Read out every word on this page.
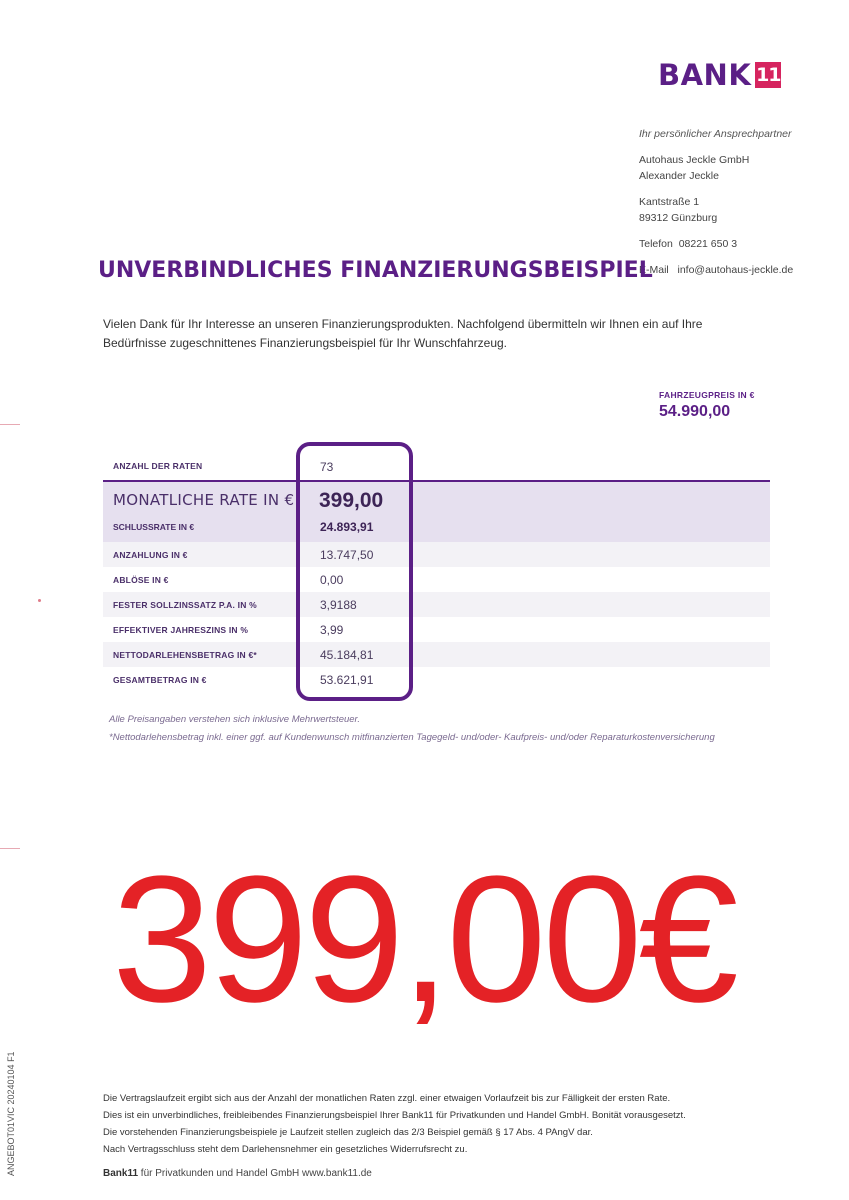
BANK 11
Ihr persönlicher Ansprechpartner
Autohaus Jeckle GmbH
Alexander Jeckle
Kantstraße 1
89312 Günzburg
Telefon  08221 650 3
E-Mail   info@autohaus-jeckle.de
UNVERBINDLICHES FINANZIERUNGSBEISPIEL
Vielen Dank für Ihr Interesse an unseren Finanzierungsprodukten. Nachfolgend übermitteln wir Ihnen ein auf Ihre Bedürfnisse zugeschnittenes Finanzierungsbeispiel für Ihr Wunschfahrzeug.
FAHRZEUGPREIS IN €
54.990,00
ANZAHL DER RATEN	73
MONATLICHE RATE IN € 399,00
SCHLUSSRATE IN €	24.893,91
ANZAHLUNG IN €	13.747,50
ABLÖSE IN €	0,00
FESTER SOLLZINSSATZ P.A. IN %	3,9188
EFFEKTIVER JAHRESZINS IN %	3,99
NETTODARLEHENSBETRAG IN €*	45.184,81
GESAMTBETRAG IN €	53.621,91
Alle Preisangaben verstehen sich inklusive Mehrwertsteuer.
*Nettodarlehensbetrag inkl. einer ggf. auf Kundenwunsch mitfinanzierten Tagegeld- und/oder- Kaufpreis- und/oder Reparaturkostenversicherung
399,00€
Die Vertragslaufzeit ergibt sich aus der Anzahl der monatlichen Raten zzgl. einer etwaigen Vorlaufzeit bis zur Fälligkeit der ersten Rate.
Dies ist ein unverbindliches, freibleibendes Finanzierungsbeispiel Ihrer Bank11 für Privatkunden und Handel GmbH. Bonität vorausgesetzt.
Die vorstehenden Finanzierungsbeispiele je Laufzeit stellen zugleich das 2/3 Beispiel gemäß § 17 Abs. 4 PAngV dar.
Nach Vertragsschluss steht dem Darlehensnehmer ein gesetzliches Widerrufsrecht zu.
Bank11 für Privatkunden und Handel GmbH www.bank11.de
ANGEBOT01VIC 20240104 F1
